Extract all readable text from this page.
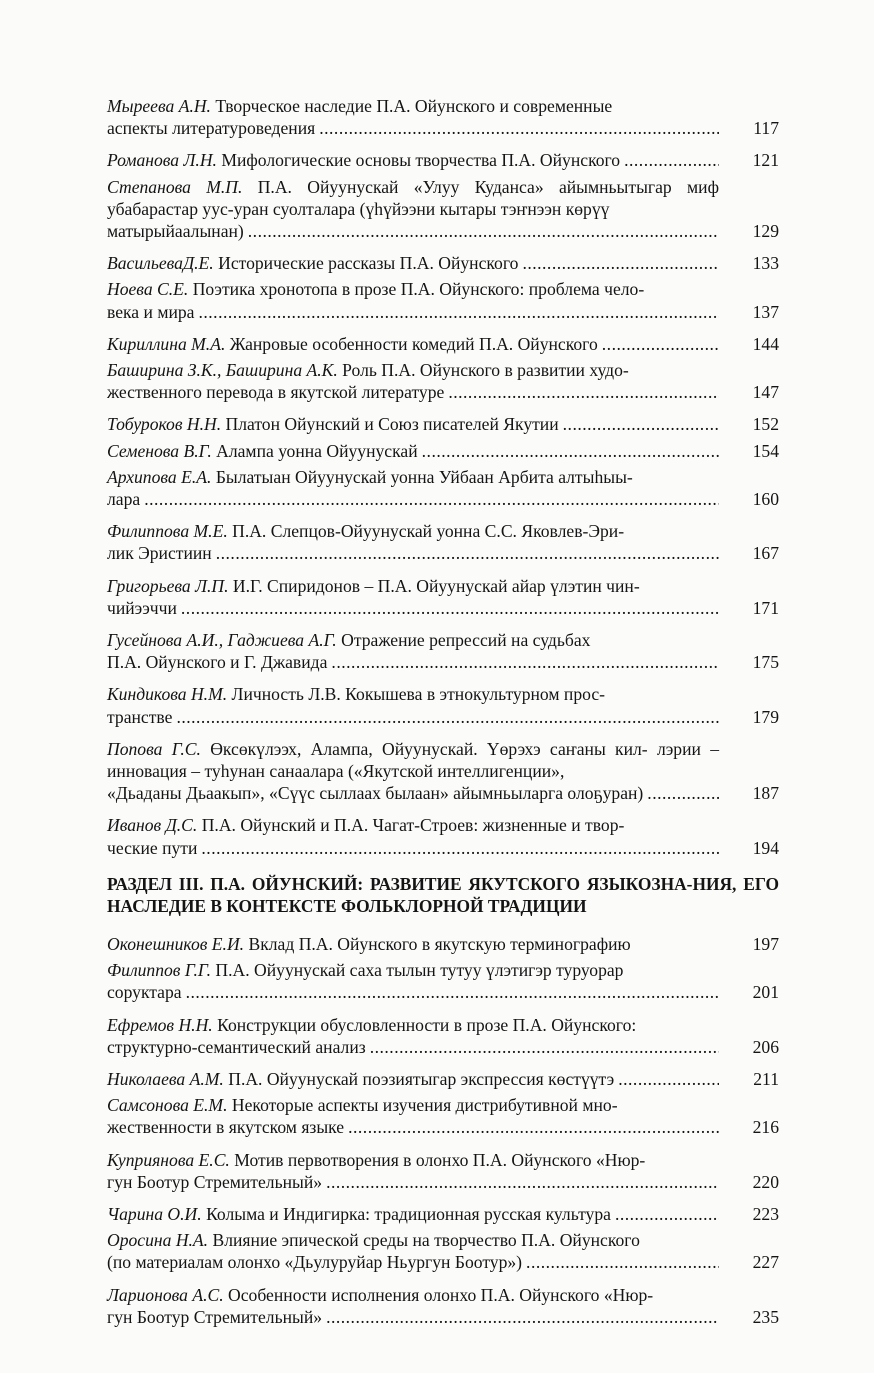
Мыреева А.Н. Творческое наследие П.А. Ойунского и современные
аспекты литературоведения .....	117
Романова Л.Н. Мифологические основы творчества П.А. Ойунского .....	121
Степанова М.П. П.А. Ойуунускай «Улуу Куданса» айымньытыгар миф убабарастар уус-уран суолталара (үһүйээни кытары тэҥнээн көрүү
матырыйаалынан) .....	129
ВасильеваД.Е. Исторические рассказы П.А. Ойунского .....	133
Ноева С.Е. Поэтика хронотопа в прозе П.А. Ойунского: проблема чело-
века и мира .....	137
Кириллина М.А. Жанровые особенности комедий П.А. Ойунского .....	144
Баширина З.К., Баширина А.К. Роль П.А. Ойунского в развитии худо-
жественного перевода в якутской литературе .....	147
Тобуроков Н.Н. Платон Ойунский и Союз писателей Якутии .....	152
Семенова В.Г. Алампа уонна Ойуунускай .....	154
Архипова Е.А. Былатыан Ойуунускай уонна Уйбаан Арбита алтыһыы-
лара .....	160
Филиппова М.Е. П.А. Слепцов-Ойуунускай уонна С.С. Яковлев-Эри-
лик Эристиин .....	167
Григорьева Л.П. И.Г. Спиридонов – П.А. Ойуунускай айар үлэтин чин-
чийээччи .....	171
Гусейнова А.И., Гаджиева А.Г. Отражение репрессий на судьбах
П.А. Ойунского и Г. Джавида .....	175
Киндикова Н.М. Личность Л.В. Кокышева в этнокультурном прос-
транстве .....	179
Попова Г.С. Өксөкүлээх, Алампа, Ойуунускай. Үөрэхэ саҥаны кил- лэрии – инновация – туһунан санаалара («Якутской интеллигенции»,
«Дьаданы Дьаакып», «Сүүс сыллаах былаан» айымньыларга олоҕуран) .....	187
Иванов Д.С. П.А. Ойунский и П.А. Чагат-Строев: жизненные и твор-
ческие пути .....	194
РАЗДЕЛ III. П.А. ОЙУНСКИЙ: РАЗВИТИЕ ЯКУТСКОГО ЯЗЫКОЗНА-НИЯ, ЕГО НАСЛЕДИЕ В КОНТЕКСТЕ ФОЛЬКЛОРНОЙ ТРАДИЦИИ
Оконешников Е.И. Вклад П.А. Ойунского в якутскую терминографию	197
Филиппов Г.Г. П.А. Ойуунускай саха тылын тутуу үлэтигэр туруорар
соруктара .....	201
Ефремов Н.Н. Конструкции обусловленности в прозе П.А. Ойунского:
структурно-семантический анализ .....	206
Николаева А.М. П.А. Ойуунускай поэзиятыгар экспрессия көстүүтэ .....	211
Самсонова Е.М. Некоторые аспекты изучения дистрибутивной мно-
жественности в якутском языке .....	216
Куприянова Е.С. Мотив первотворения в олонхо П.А. Ойунского «Нюр-
гун Боотур Стремительный» .....	220
Чарина О.И. Колыма и Индигирка: традиционная русская культура .....	223
Оросина Н.А. Влияние эпической среды на творчество П.А. Ойунского
(по материалам олонхо «Дьулуруйар Ньургун Боотур») .....	227
Ларионова А.С. Особенности исполнения олонхо П.А. Ойунского «Нюр-
гун Боотур Стремительный» .....	235
